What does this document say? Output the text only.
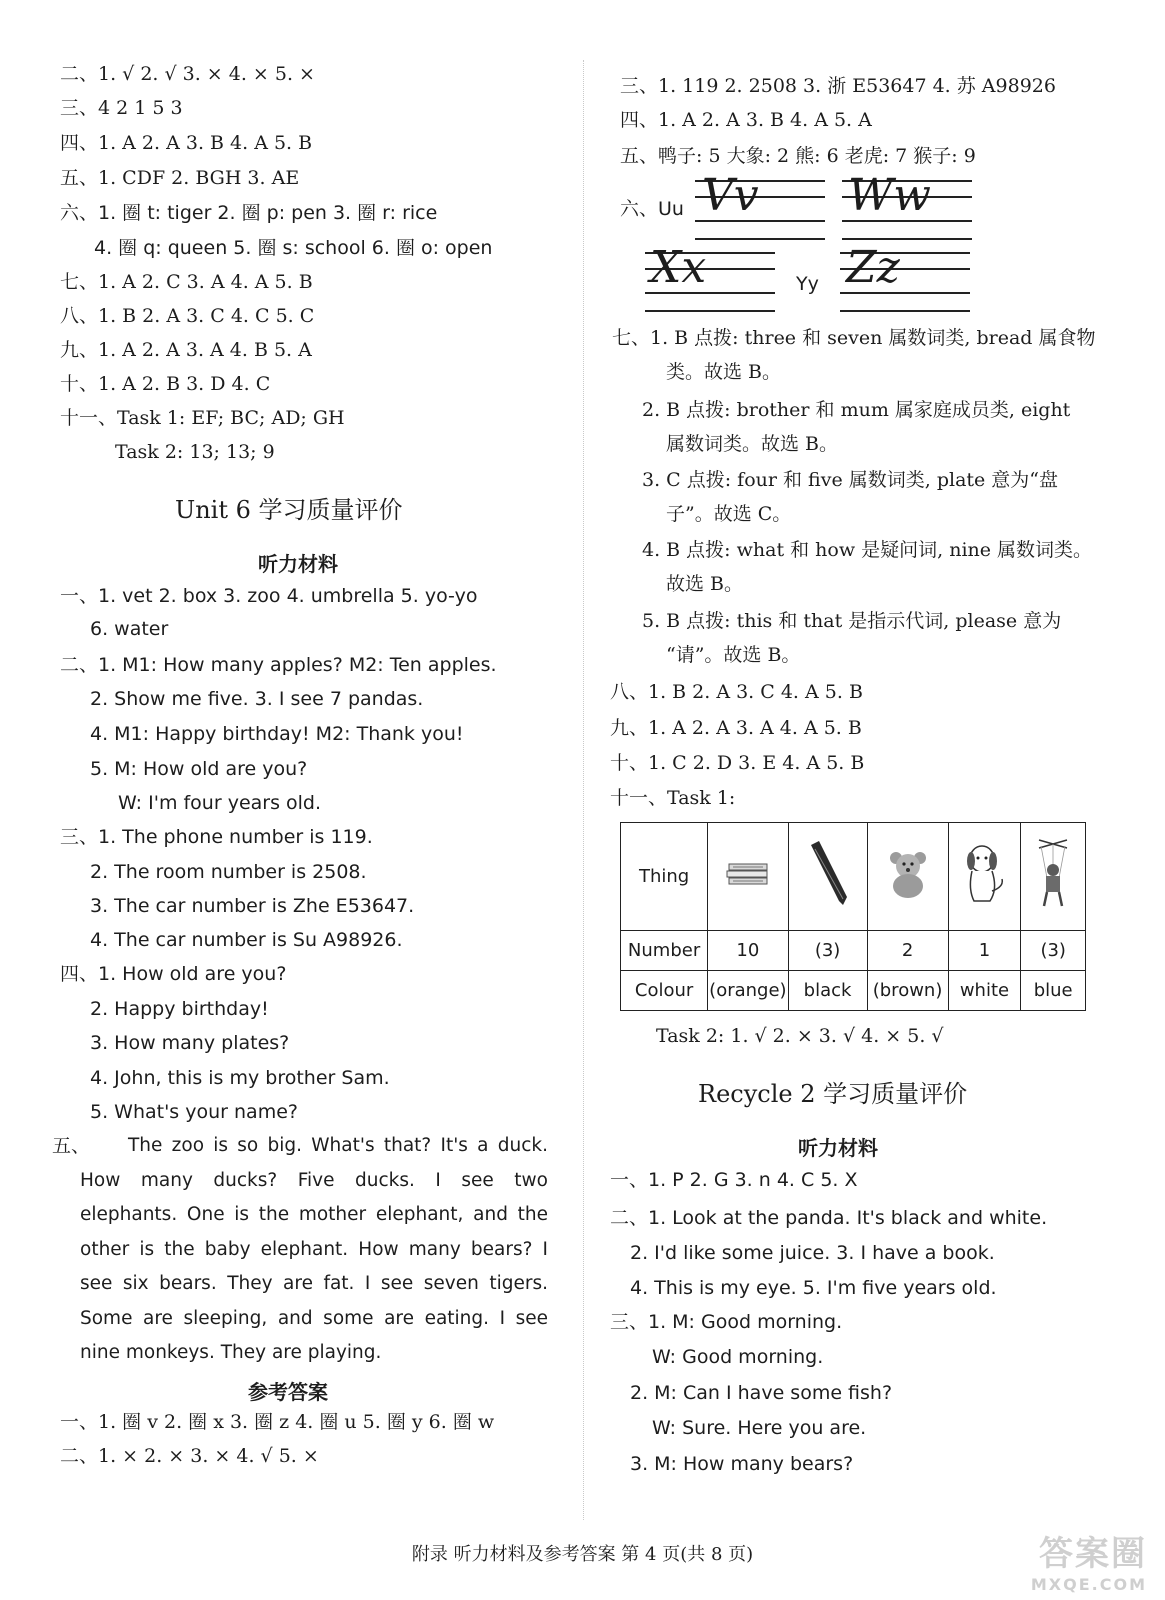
二、1. √ 2. √ 3. × 4. × 5. ×
三、4 2 1 5 3
四、1. A 2. A 3. B 4. A 5. B
五、1. CDF 2. BGH 3. AE
六、1. 圈 t: tiger 2. 圈 p: pen 3. 圈 r: rice
4. 圈 q: queen 5. 圈 s: school 6. 圈 o: open
七、1. A 2. C 3. A 4. A 5. B
八、1. B 2. A 3. C 4. C 5. C
九、1. A 2. A 3. A 4. B 5. A
十、1. A 2. B 3. D 4. C
十一、Task 1: EF; BC; AD; GH
Task 2: 13; 13; 9
Unit 6 学习质量评价
听力材料
一、1. vet 2. box 3. zoo 4. umbrella 5. yo-yo
6. water
二、1. M1: How many apples? M2: Ten apples.
2. Show me five. 3. I see 7 pandas.
4. M1: Happy birthday! M2: Thank you!
5. M: How old are you?
W: I'm four years old.
三、1. The phone number is 119.
2. The room number is 2508.
3. The car number is Zhe E53647.
4. The car number is Su A98926.
四、1. How old are you?
2. Happy birthday!
3. How many plates?
4. John, this is my brother Sam.
5. What's your name?
五、	The zoo is so big. What's that? It's a duck. How many ducks? Five ducks. I see two elephants. One is the mother elephant, and the other is the baby elephant. How many bears? I see six bears. They are fat. I see seven tigers. Some are sleeping, and some are eating. I see nine monkeys. They are playing.
参考答案
一、1. 圈 v 2. 圈 x 3. 圈 z 4. 圈 u 5. 圈 y 6. 圈 w
二、1. × 2. × 3. × 4. √ 5. ×
三、1. 119 2. 2508 3. 浙 E53647 4. 苏 A98926
四、1. A 2. A 3. B 4. A 5. A
五、鸭子: 5 大象: 2 熊: 6 老虎: 7 猴子: 9
六、Uu Vv Ww
Xx	Yy Zz
七、1. B 点拨: three 和 seven 属数词类, bread 属食物
类。故选 B。
2. B 点拨: brother 和 mum 属家庭成员类, eight
属数词类。故选 B。
3. C 点拨: four 和 five 属数词类, plate 意为“盘
子”。故选 C。
4. B 点拨: what 和 how 是疑问词, nine 属数词类。
故选 B。
5. B 点拨: this 和 that 是指示代词, please 意为
“请”。故选 B。
八、1. B 2. A 3. C 4. A 5. B
九、1. A 2. A 3. A 4. A 5. B
十、1. C 2. D 3. E 4. A 5. B
十一、Task 1:
Thing					
Number	10	(3)	2	1	(3)
Colour	(orange)	black	(brown)	white	blue
Task 2: 1. √ 2. × 3. √ 4. × 5. √
Recycle 2 学习质量评价
听力材料
一、1. P 2. G 3. n 4. C 5. X
二、1. Look at the panda. It's black and white.
2. I'd like some juice. 3. I have a book.
4. This is my eye. 5. I'm five years old.
三、1. M: Good morning.
W: Good morning.
2. M: Can I have some fish?
W: Sure. Here you are.
3. M: How many bears?
附录 听力材料及参考答案 第 4 页(共 8 页)	答案圈
MXQE.COM
